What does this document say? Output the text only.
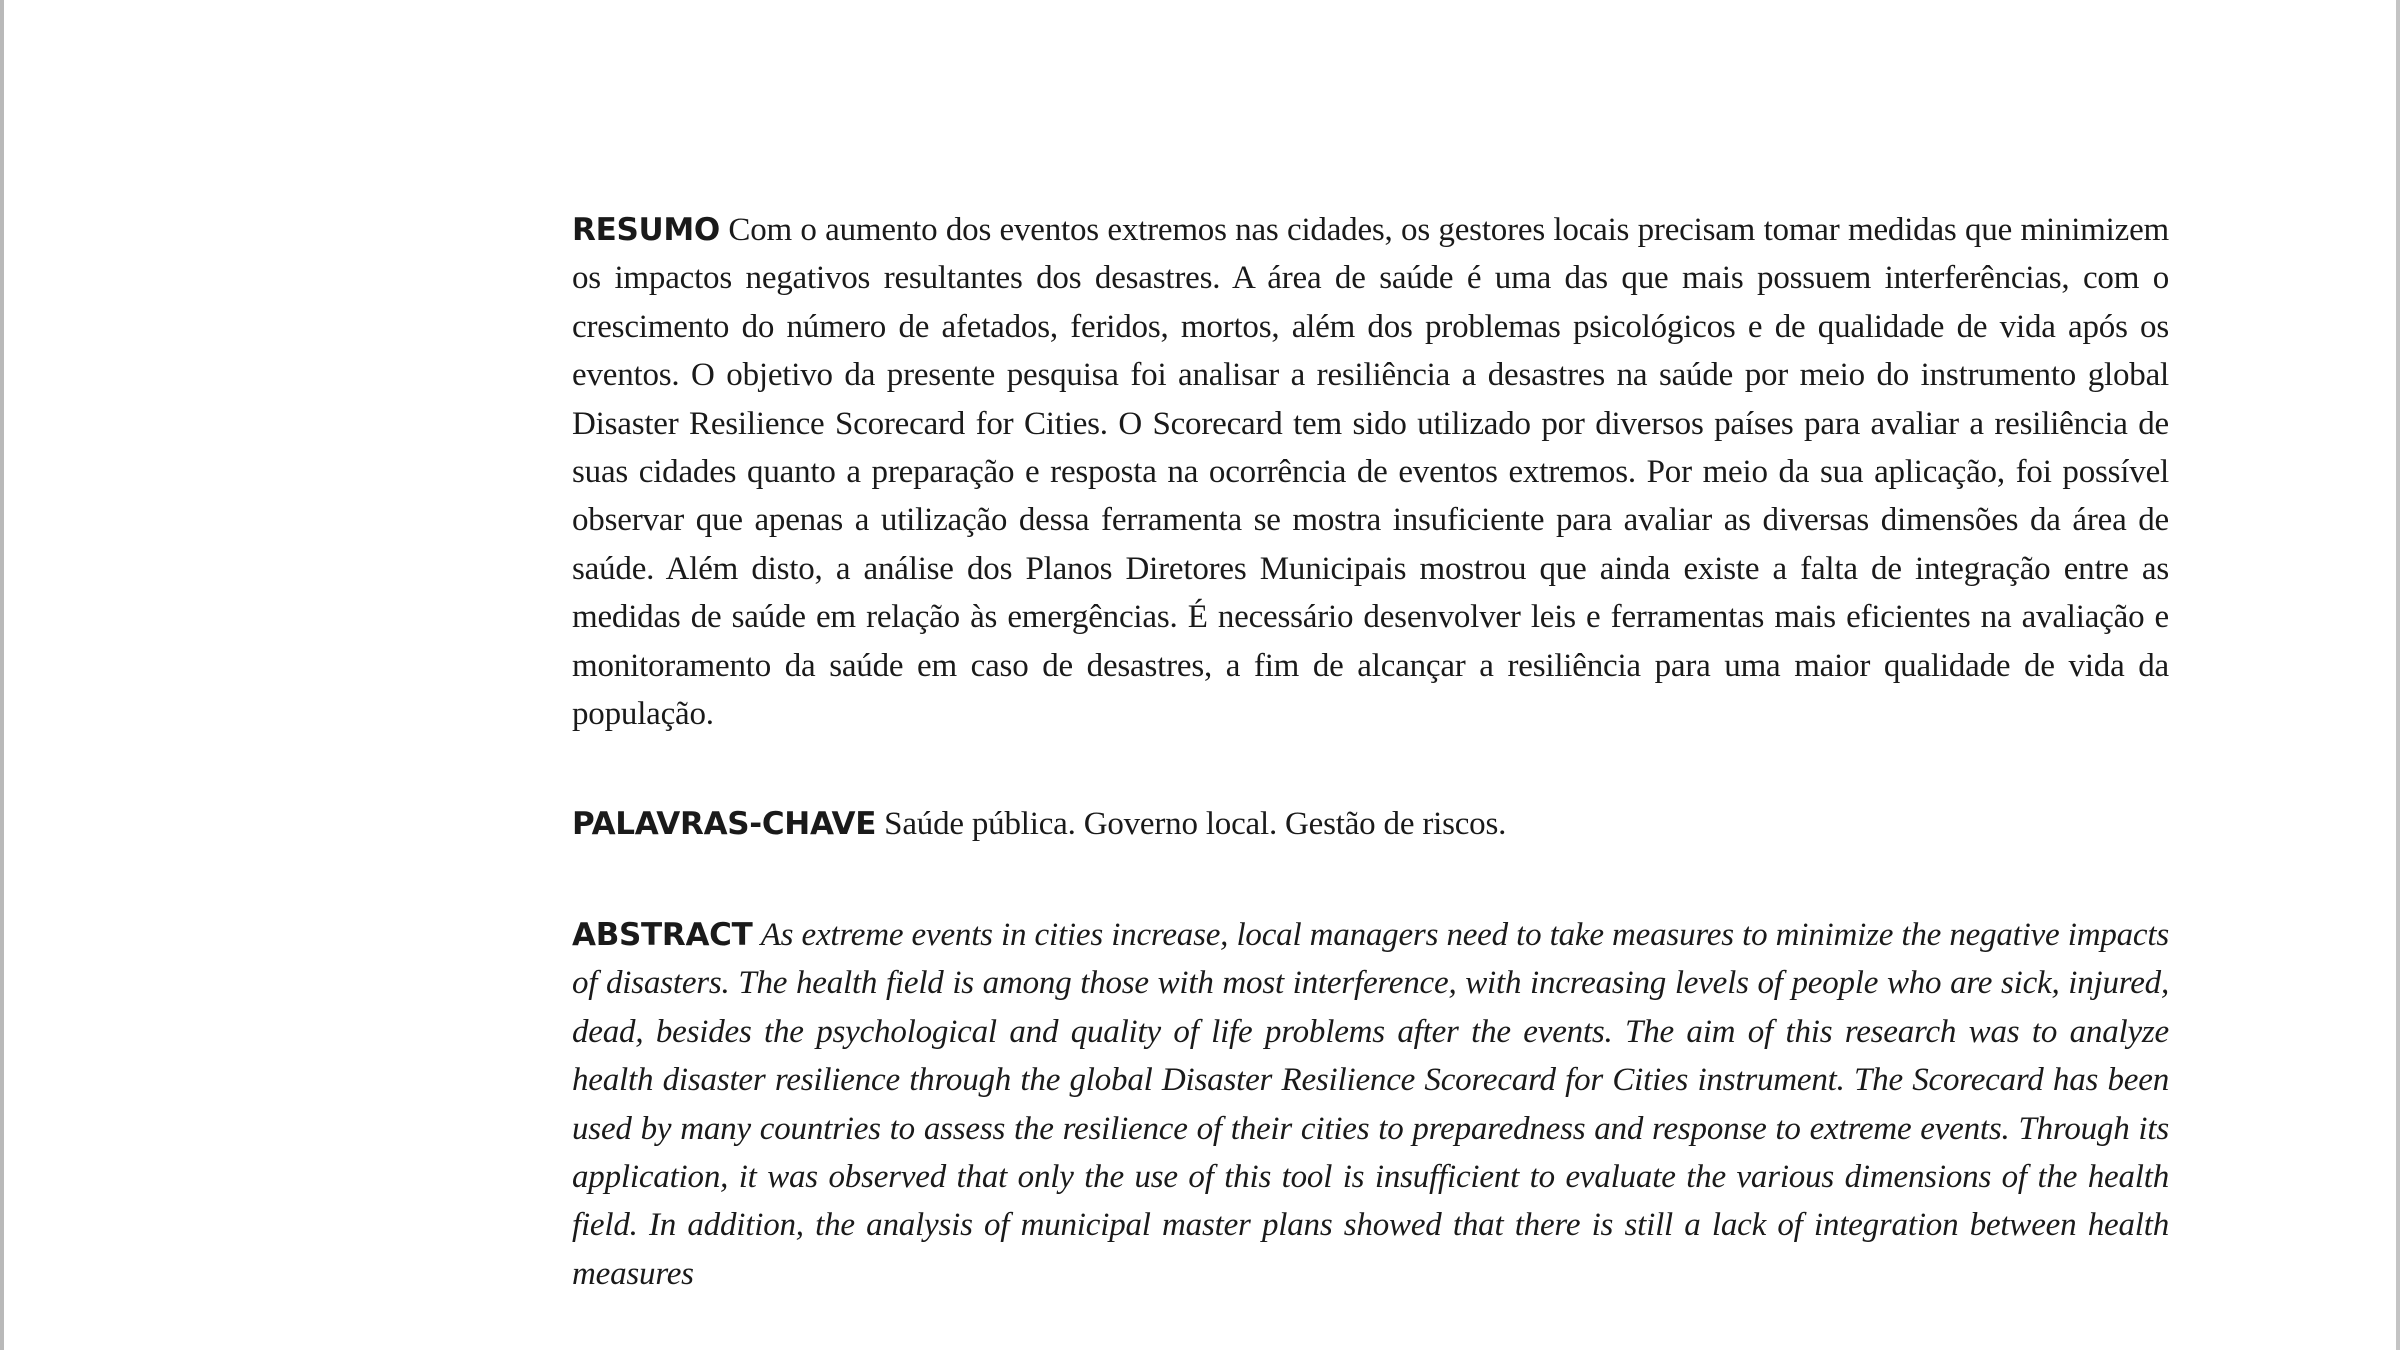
RESUMO Com o aumento dos eventos extremos nas cidades, os gestores locais precisam tomar medidas que minimizem os impactos negativos resultantes dos desastres. A área de saúde é uma das que mais possuem interferências, com o crescimento do número de afetados, feridos, mortos, além dos problemas psicológicos e de qualidade de vida após os eventos. O objetivo da presente pesquisa foi analisar a resiliência a desastres na saúde por meio do instrumento global Disaster Resilience Scorecard for Cities. O Scorecard tem sido utilizado por diversos países para avaliar a resiliência de suas cidades quanto a preparação e resposta na ocorrência de eventos extremos. Por meio da sua aplicação, foi possível observar que apenas a utilização dessa ferramenta se mostra insuficiente para avaliar as diversas dimensões da área de saúde. Além disto, a análise dos Planos Diretores Municipais mostrou que ainda existe a falta de integração entre as medidas de saúde em relação às emergências. É necessário desenvolver leis e ferramentas mais eficientes na avaliação e monitoramento da saúde em caso de desastres, a fim de alcançar a resiliência para uma maior qualidade de vida da população.

PALAVRAS-CHAVE Saúde pública. Governo local. Gestão de riscos.

ABSTRACT As extreme events in cities increase, local managers need to take measures to minimize the negative impacts of disasters. The health field is among those with most interference, with increasing levels of people who are sick, injured, dead, besides the psychological and quality of life problems after the events. The aim of this research was to analyze health disaster resilience through the global Disaster Resilience Scorecard for Cities instrument. The Scorecard has been used by many countries to assess the resilience of their cities to preparedness and response to extreme events. Through its application, it was observed that only the use of this tool is insufficient to evaluate the various dimensions of the health field. In addition, the analysis of municipal master plans showed that there is still a lack of integration between health measures
